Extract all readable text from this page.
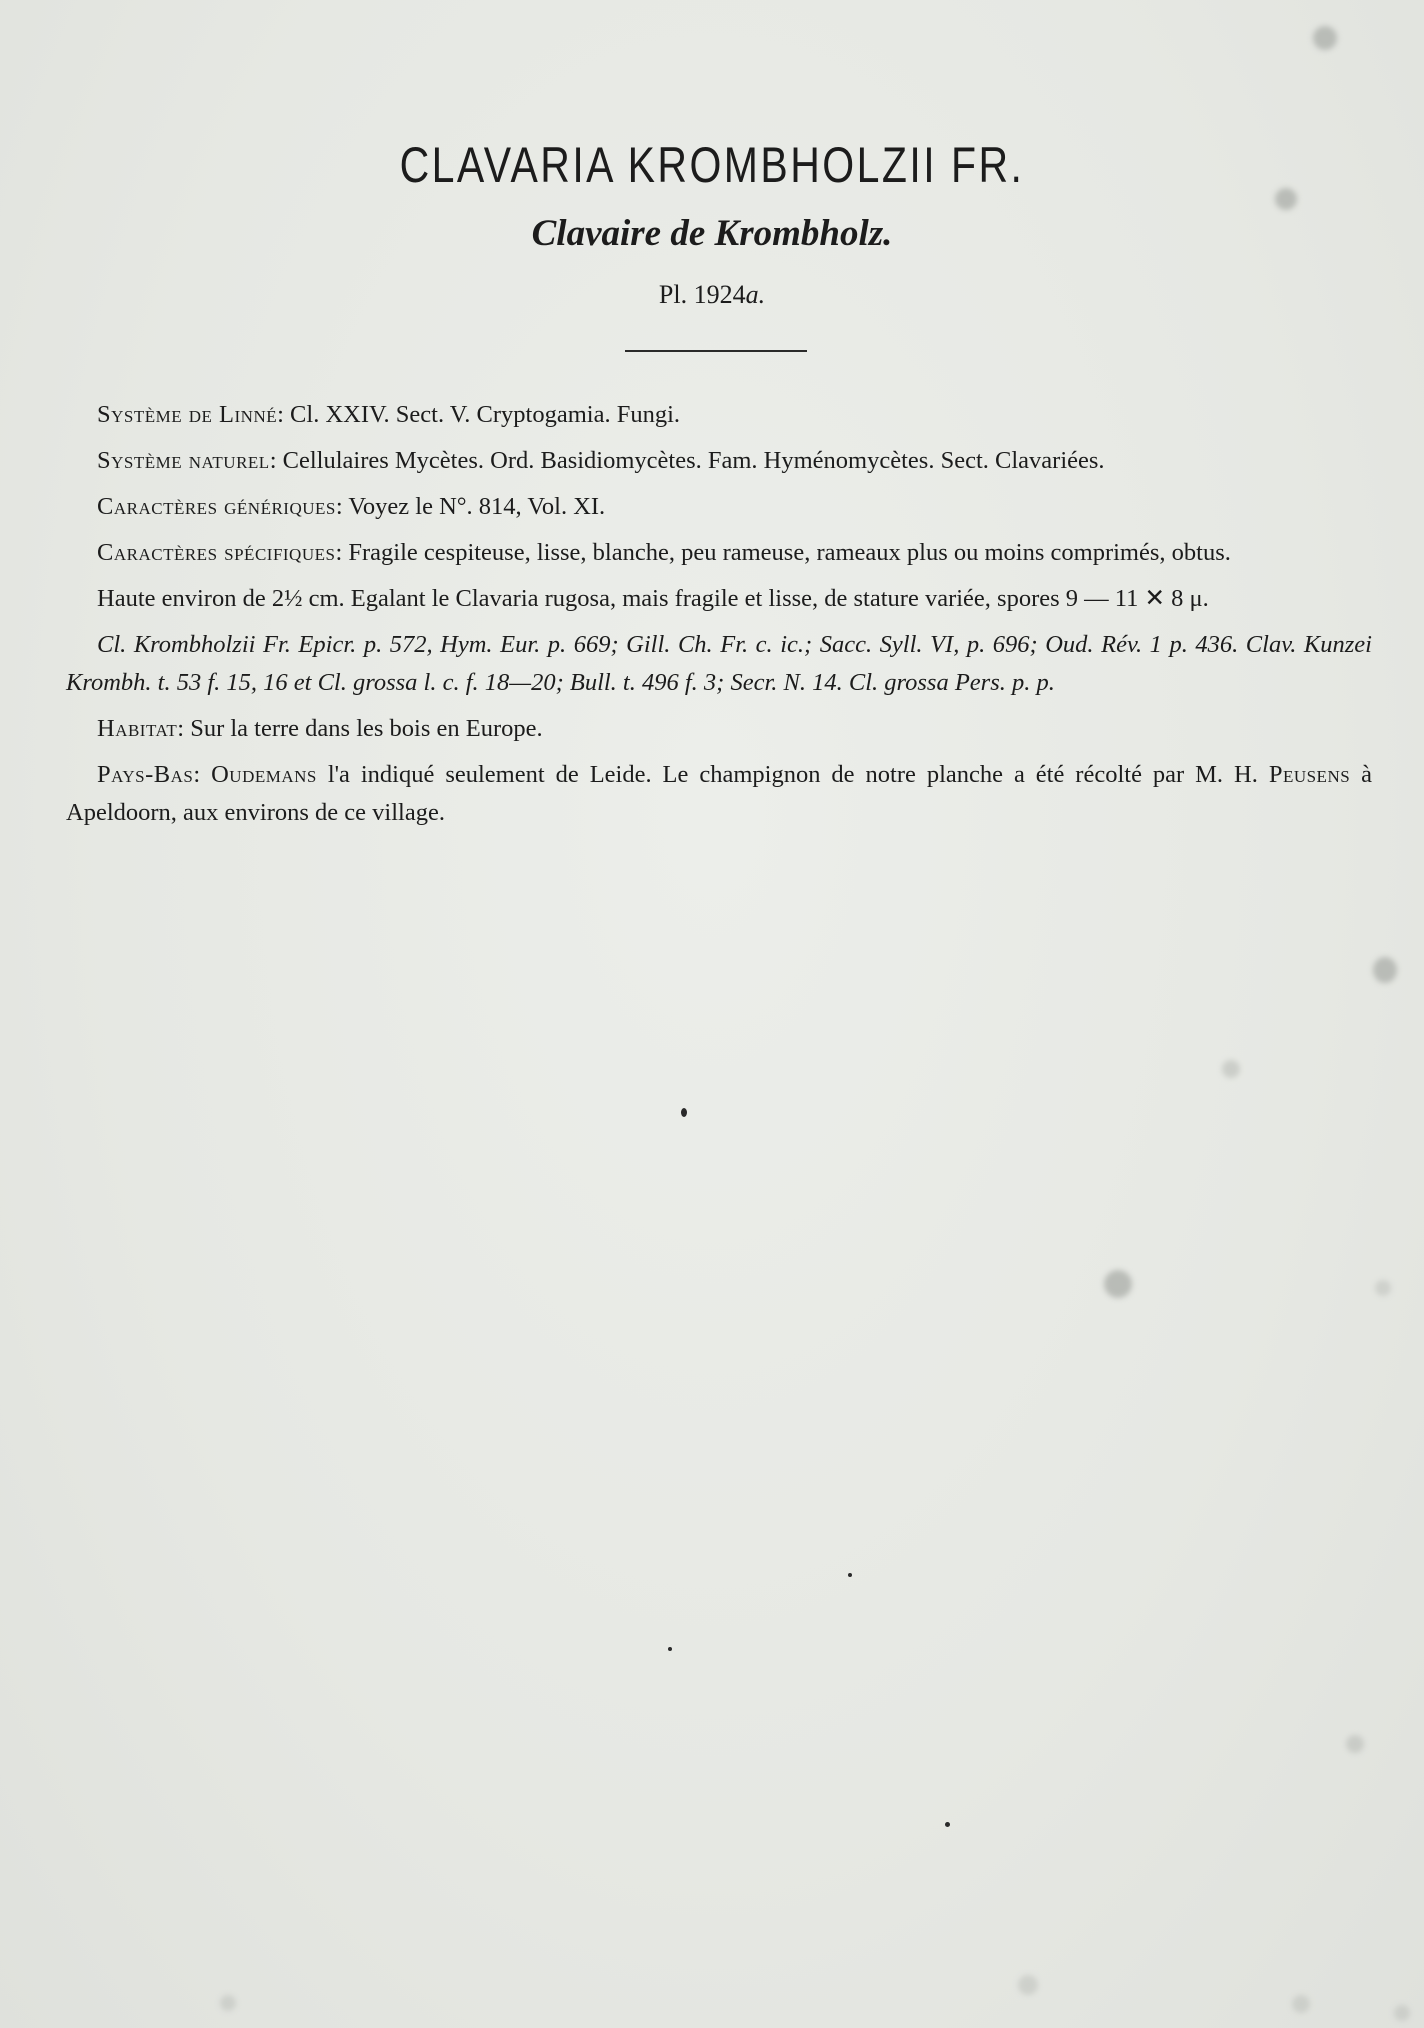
CLAVARIA KROMBHOLZII FR.
Clavaire de Krombholz.
Pl. 1924a.

Système de Linné: Cl. XXIV. Sect. V. Cryptogamia. Fungi.

Système naturel: Cellulaires Mycètes. Ord. Basidiomycètes. Fam. Hyménomycètes. Sect. Clavariées.

Caractères génériques: Voyez le N°. 814, Vol. XI.

Caractères spécifiques: Fragile cespiteuse, lisse, blanche, peu rameuse, rameaux plus ou moins comprimés, obtus.

Haute environ de 2½ cm. Egalant le Clavaria rugosa, mais fragile et lisse, de stature variée, spores 9 — 11 ✕ 8 μ.

Cl. Krombholzii Fr. Epicr. p. 572, Hym. Eur. p. 669; Gill. Ch. Fr. c. ic.; Sacc. Syll. VI, p. 696; Oud. Rév. 1 p. 436. Clav. Kunzei Krombh. t. 53 f. 15, 16 et Cl. grossa l. c. f. 18—20; Bull. t. 496 f. 3; Secr. N. 14. Cl. grossa Pers. p. p.

Habitat: Sur la terre dans les bois en Europe.

Pays-Bas: Oudemans l'a indiqué seulement de Leide. Le champignon de notre planche a été récolté par M. H. Peusens à Apeldoorn, aux environs de ce village.
